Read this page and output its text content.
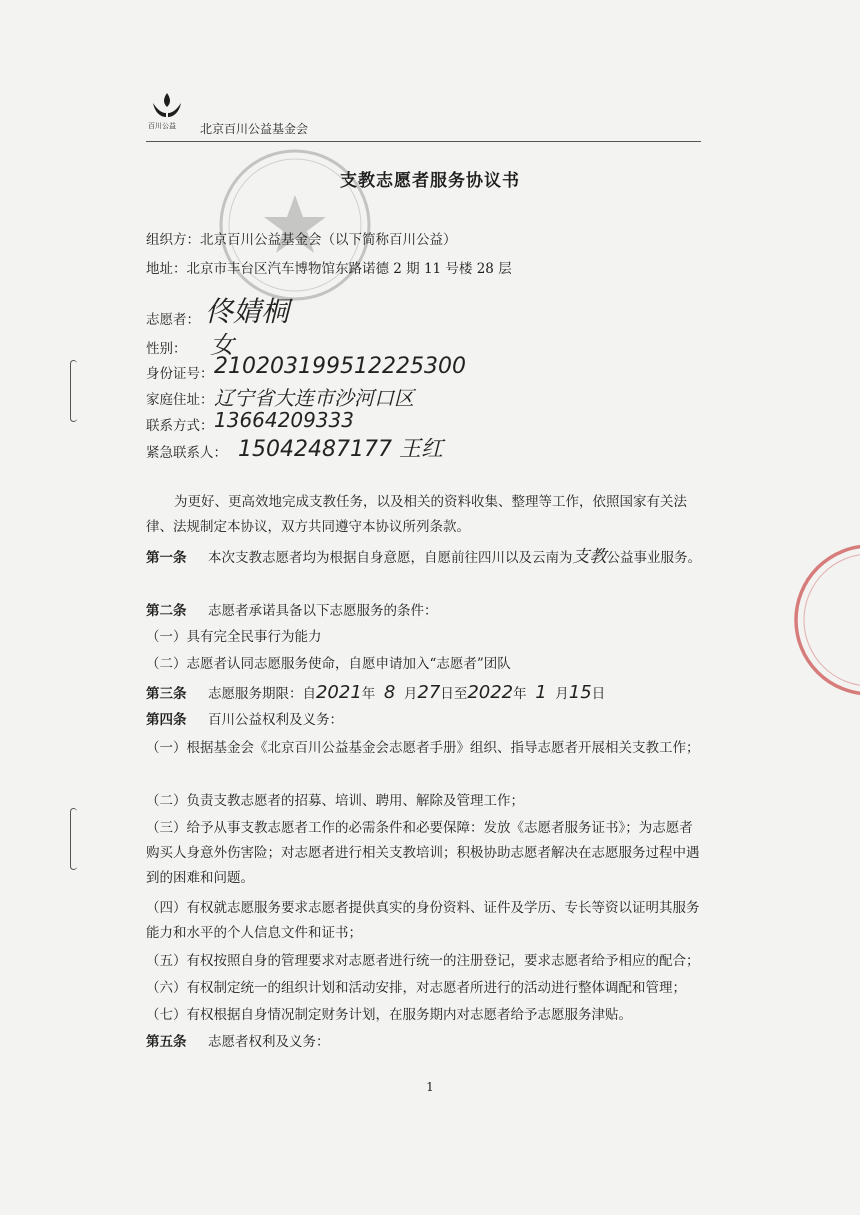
百川公益 北京百川公益基金会
支教志愿者服务协议书
组织方：北京百川公益基金会（以下简称百川公益）
地址：北京市丰台区汽车博物馆东路诺德 2 期 11 号楼 28 层
志愿者： 佟婧桐
性别： 女
身份证号： 210203199512225300
家庭住址： 辽宁省大连市沙河口区
联系方式： 13664209333
紧急联系人： 15042487177 王红
为更好、更高效地完成支教任务，以及相关的资料收集、整理等工作，依照国家有关法律、法规制定本协议，双方共同遵守本协议所列条款。
第一条 本次支教志愿者均为根据自身意愿，自愿前往四川以及云南为支教公益事业服务。
第二条 志愿者承诺具备以下志愿服务的条件：
（一）具有完全民事行为能力
（二）志愿者认同志愿服务使命，自愿申请加入“志愿者”团队
第三条 志愿服务期限：自2021年 8 月27日至2022年 1 月15日
第四条 百川公益权利及义务：
（一）根据基金会《北京百川公益基金会志愿者手册》组织、指导志愿者开展相关支教工作；
（二）负责支教志愿者的招募、培训、聘用、解除及管理工作；
（三）给予从事支教志愿者工作的必需条件和必要保障：发放《志愿者服务证书》；为志愿者购买人身意外伤害险；对志愿者进行相关支教培训；积极协助志愿者解决在志愿服务过程中遇到的困难和问题。
（四）有权就志愿服务要求志愿者提供真实的身份资料、证件及学历、专长等资以证明其服务能力和水平的个人信息文件和证书；
（五）有权按照自身的管理要求对志愿者进行统一的注册登记，要求志愿者给予相应的配合；
（六）有权制定统一的组织计划和活动安排，对志愿者所进行的活动进行整体调配和管理；
（七）有权根据自身情况制定财务计划，在服务期内对志愿者给予志愿服务津贴。
第五条 志愿者权利及义务：
1
